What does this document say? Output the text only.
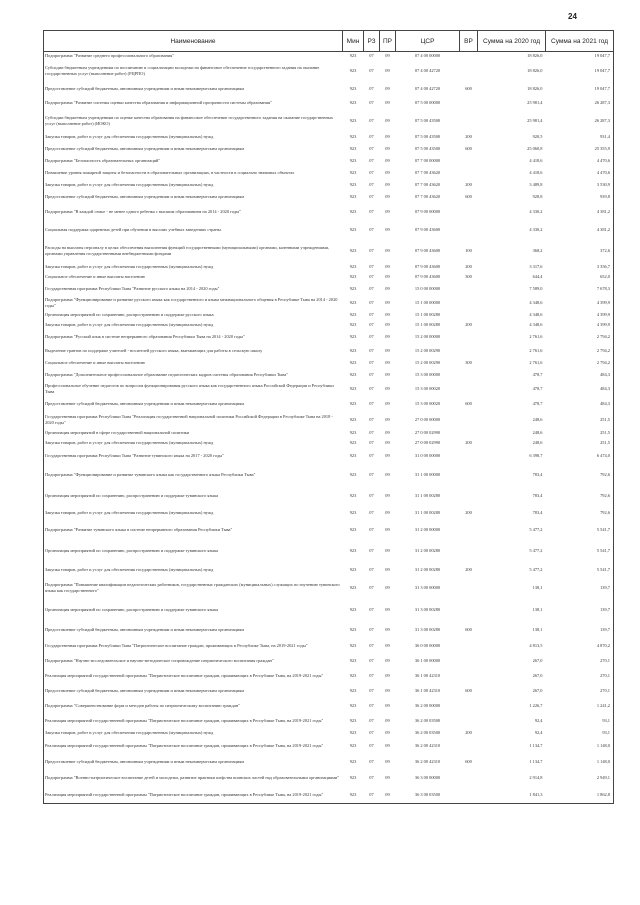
24
Наименование	Мин	РЗ	ПР	ЦСР	ВР	Сумма на 2020 год	Сумма на 2021 год
Подпрограмма "Развитие среднего профессионального образования"	923	07	09	07 4 00 00000		18 826,0	19 047,7
Субсидии бюджетным учреждениям по воспитанию и социализации молодежи на финансовое обеспечение государственного задания на оказание государственных услуг (выполнение работ) (РЦРПО)	923	07	09	07 4 00 42720		18 826,0	19 047,7
Предоставление субсидий бюджетным, автономным учреждениям и иным некоммерческим организациям	923	07	09	07 4 00 42720	600	18 826,0	19 047,7
Подпрограмма "Развитие системы оценки качества образования и информационной прозрачности системы образования"	923	07	09	07 5 00 00000		25 981,4	26 287,3
Субсидии бюджетным учреждениям по оценке качества образования на финансовое обеспечение государственного задания на оказание государственных услуг (выполнение работ) (ИОКО)	923	07	09	07 5 00 43500		25 981,4	26 287,3
Закупка товаров, работ и услуг для обеспечения государственных (муниципальных) нужд	923	07	09	07 5 00 43500	200	920,5	931,4
Предоставление субсидий бюджетным, автономным учреждениям и иным некоммерческим организациям	923	07	09	07 5 00 43500	600	25 060,8	25 355,9
Подпрограмма "Безопасность образовательных организаций"	923	07	09	07 7 00 00000		4 418,6	4 470,6
Повышение уровня пожарной защиты и безопасности в образовательных организациях, в частности в социально значимых объектах	923	07	09	07 7 00 43620		4 418,6	4 470,6
Закупка товаров, работ и услуг для обеспечения государственных (муниципальных) нужд	923	07	09	07 7 00 43620	200	3 489,8	3 530,9
Предоставление субсидий бюджетным, автономным учреждениям и иным некоммерческим организациям	923	07	09	07 7 00 43620	600	928,8	939,8
Подпрограмма "В каждой семье - не менее одного ребенка с высшим образованием на 2014 - 2020 годы"	923	07	09	07 9 00 00000		4 330,2	4 381,2
Социальная поддержка одаренных детей при обучении в высших учебных заведениях страны	923	07	09	07 9 00 43600		4 330,2	4 381,2
Расходы на выплаты персоналу в целях обеспечения выполнения функций государственными (муниципальными) органами, казенными учреждениями, органами управления государственными внебюджетными фондами	923	07	09	07 9 00 43600	100	368,2	372,6
Закупка товаров, работ и услуг для обеспечения государственных (муниципальных) нужд	923	07	09	07 9 00 43600	200	3 317,6	3 356,7
Социальное обеспечение и иные выплаты населению	923	07	09	07 9 00 43600	300	644,4	652,0
Государственная программа Республики Тыва "Развитие русского языка на 2014 - 2020 годы"	923	07	09	15 0 00 00000		7 589,0	7 678,3
Подпрограмма "Функционирование и развитие русского языка как государственного и языка межнационального общения в Республике Тыва на 2014 - 2020 годы"	923	07	09	15 1 00 00000		4 348,6	4 399,9
Организация мероприятий по сохранению, распространению и поддержке русского языка	923	07	09	15 1 00 00280		4 348,6	4 399,9
Закупка товаров, работ и услуг для обеспечения государственных (муниципальных) нужд	923	07	09	15 1 00 00280	200	4 348,6	4 399,9
Подпрограмма "Русский язык в системе непрерывного образования Республики Тыва на 2014 - 2020 годы"	923	07	09	15 2 00 00000		2 761,6	2 794,2
Выделение грантов по поддержке учителей - носителей русского языка, выезжающих для работы в сельскую школу	923	07	09	15 2 00 00290		2 761,6	2 794,2
Социальное обеспечение и иные выплаты населению	923	07	09	15 2 00 00290	300	2 761,6	2 794,2
Подпрограмма "Дополнительное профессиональное образование педагогических кадров системы образования Республики Тыва"	923	07	09	15 3 00 00000		478,7	484,3
Профессиональное обучение педагогов по вопросам функционирования русского языка как государственного языка Российской Федерации и Республики Тыва	923	07	09	15 3 00 00020		478,7	484,3
Предоставление субсидий бюджетным, автономным учреждениям и иным некоммерческим организациям	923	07	09	15 3 00 00020	600	478,7	484,3
Государственная программа Республики Тыва "Реализация государственной национальной политики Российской Федерации в Республике Тыва на 2018 - 2020 годы"	923	07	09	27 0 00 00000		248,6	251,5
Организация мероприятий в сфере государственной национальной политики	923	07	09	27 0 00 02990		248,6	251,5
Закупка товаров, работ и услуг для обеспечения государственных (муниципальных) нужд	923	07	09	27 0 00 02990	200	248,6	251,5
Государственная программа Республики Тыва "Развитие тувинского языка на 2017 - 2020 годы"	923	07	09	31 0 00 00000		6 398,7	6 474,0
Подпрограмма "Функционирование и развитие тувинского языка как государственного языка Республики Тыва"	923	07	09	31 1 00 00000		783,4	792,6
Организация мероприятий по сохранению, распространению и поддержке тувинского языка	923	07	09	31 1 00 00280		783,4	792,6
Закупка товаров, работ и услуг для обеспечения государственных (муниципальных) нужд	923	07	09	31 1 00 00280	200	783,4	792,6
Подпрограмма "Развитие тувинского языка в системе непрерывного образования Республики Тыва"	923	07	09	31 2 00 00000		5 477,2	5 541,7
Организация мероприятий по сохранению, распространению и поддержке тувинского языка	923	07	09	31 2 00 00280		5 477,2	5 541,7
Закупка товаров, работ и услуг для обеспечения государственных (муниципальных) нужд	923	07	09	31 2 00 00280	200	5 477,2	5 541,7
Подпрограмма "Повышение квалификации педагогических работников, государственных гражданских (муниципальных) служащих по изучению тувинского языка как государственного"	923	07	09	31 3 00 00000		138,1	139,7
Организация мероприятий по сохранению, распространению и поддержке тувинского языка	923	07	09	31 3 00 00280		138,1	139,7
Предоставление субсидий бюджетным, автономным учреждениям и иным некоммерческим организациям	923	07	09	31 3 00 00280	600	138,1	139,7
Государственная программа Республики Тыва "Патриотическое воспитание граждан, проживающих в Республике Тыва, на 2019-2021 годы"	923	07	09	36 0 00 00000		4 813,5	4 870,2
Подпрограмма "Научно-исследовательское и научно-методическое сопровождение патриотического воспитания граждан"	923	07	09	36 1 00 00000		267,0	270,1
Реализация мероприятий государственной программы "Патриотическое воспитание граждан, проживающих в Республике Тыва, на 2019-2021 годы"	923	07	09	36 1 00 42310		267,0	270,1
Предоставление субсидий бюджетным, автономным учреждениям и иным некоммерческим организациям	923	07	09	36 1 00 42310	600	267,0	270,1
Подпрограмма "Совершенствование форм и методов работы по патриотическому воспитанию граждан"	923	07	09	36 2 00 00000		1 226,7	1 241,2
Реализация мероприятий государственной программы "Патриотическое воспитание граждан, проживающих в Республике Тыва, на 2019-2021 годы"	923	07	09	36 2 00 03500		92,4	93,1
Закупка товаров, работ и услуг для обеспечения государственных (муниципальных) нужд	923	07	09	36 2 00 03500	200	92,4	93,1
Реализация мероприятий государственной программы "Патриотическое воспитание граждан, проживающих в Республике Тыва, на 2019-2021 годы"	923	07	09	36 2 00 42310		1 134,7	1 148,0
Предоставление субсидий бюджетным, автономным учреждениям и иным некоммерческим организациям	923	07	09	36 2 00 42310	600	1 134,7	1 148,0
Подпрограмма "Военно-патриотическое воспитание детей и молодежи, развитие практики шефства воинских частей над образовательными организациями"	923	07	09	36 3 00 00000		2 914,8	2 949,1
Реализация мероприятий государственной программы "Патриотическое воспитание граждан, проживающих в Республике Тыва, на 2019-2021 годы"	923	07	09	36 3 00 03500		1 841,3	1 862,8
